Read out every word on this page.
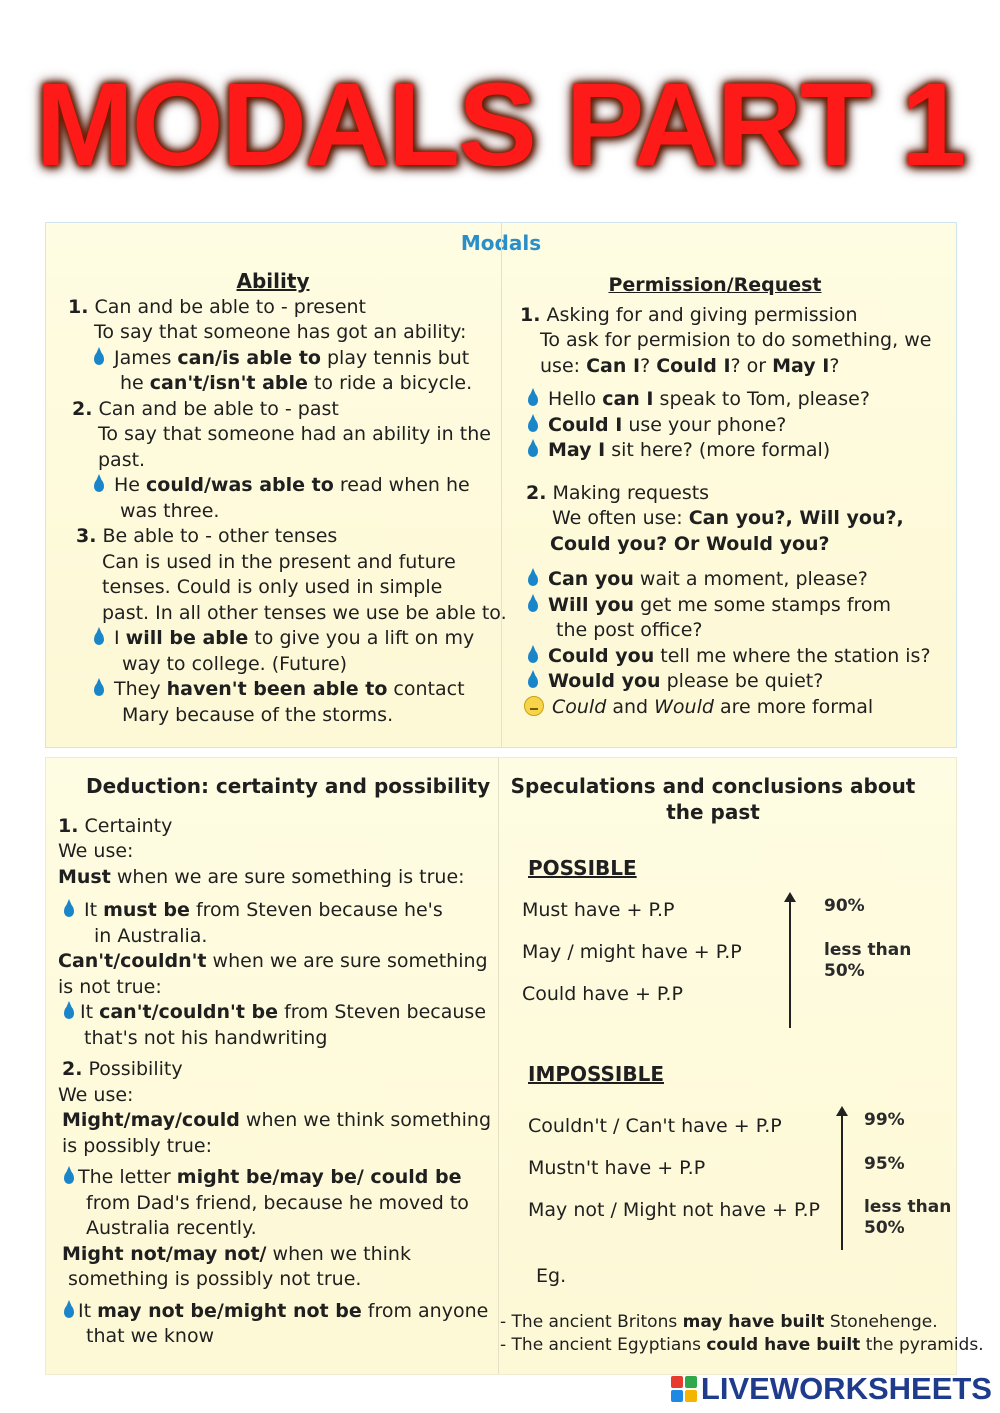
MODALS PART 1
Modals
Ability
1. Can and be able to - present
To say that someone has got an ability:
James can/is able to play tennis but
he can't/isn't able to ride a bicycle.
2. Can and be able to - past
To say that someone had an ability in the
past.
He could/was able to read when he
was three.
3. Be able to - other tenses
Can is used in the present and future
tenses. Could is only used in simple
past. In all other tenses we use be able to.
I will be able to give you a lift on my
way to college. (Future)
They haven't been able to contact
Mary because of the storms.
Permission/Request
1. Asking for and giving permission
To ask for permision to do something, we
use: Can I? Could I? or May I?
Hello can I speak to Tom, please?
Could I use your phone?
May I sit here? (more formal)
2. Making requests
We often use: Can you?, Will you?,
Could you? Or Would you?
Can you wait a moment, please?
Will you get me some stamps from
the post office?
Could you tell me where the station is?
Would you please be quiet?
Could and Would are more formal
Deduction: certainty and possibility
1. Certainty
We use:
Must when we are sure something is true:
It must be from Steven because he's
in Australia.
Can't/couldn't when we are sure something
is not true:
It can't/couldn't be from Steven because
that's not his handwriting
2. Possibility
We use:
Might/may/could when we think something
is possibly true:
The letter might be/may be/ could be
from Dad's friend, because he moved to
Australia recently.
Might not/may not/ when we think
something is possibly not true.
It may not be/might not be from anyone
that we know
Speculations and conclusions about
the past
POSSIBLE
Must have + P.P
May / might have + P.P
Could have + P.P
90%
less than
50%
IMPOSSIBLE
Couldn't / Can't have + P.P
Mustn't have + P.P
May not / Might not have + P.P
99%
95%
less than
50%
Eg.
- The ancient Britons may have built Stonehenge.
- The ancient Egyptians could have built the pyramids.
LIVEWORKSHEETS
